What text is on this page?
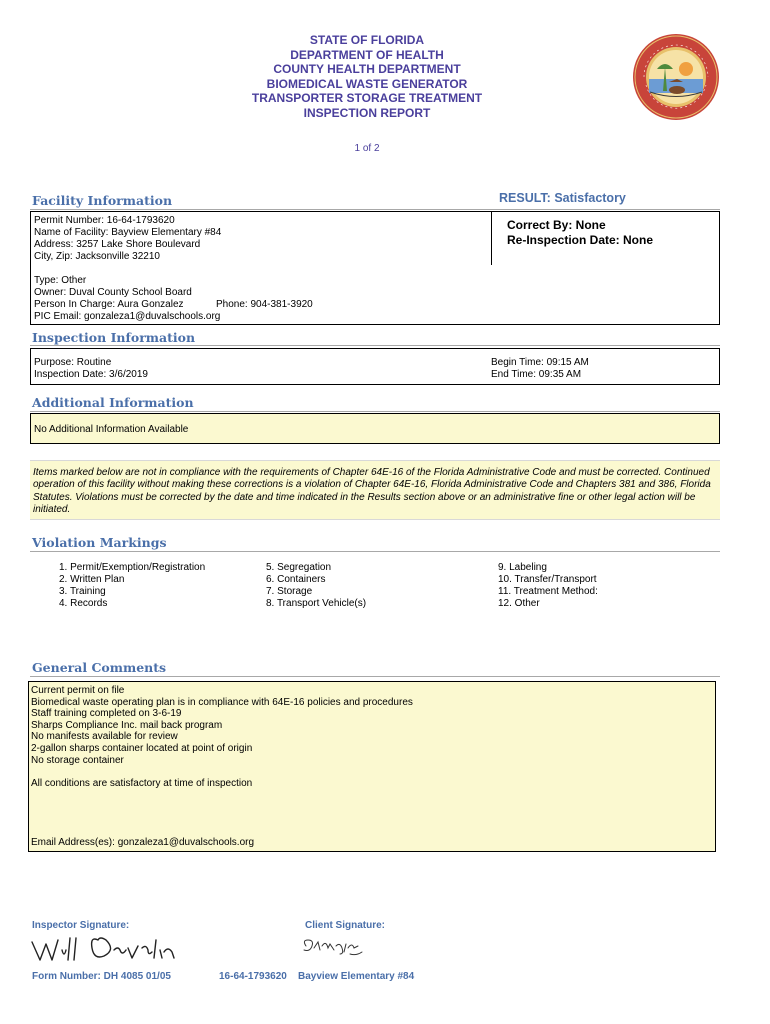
STATE OF FLORIDA
DEPARTMENT OF HEALTH
COUNTY HEALTH DEPARTMENT
BIOMEDICAL WASTE GENERATOR
TRANSPORTER STORAGE TREATMENT
INSPECTION REPORT
1 of 2
Facility Information	RESULT: Satisfactory
Permit Number: 16-64-1793620
Name of Facility: Bayview Elementary #84
Address: 3257 Lake Shore Boulevard
City, Zip: Jacksonville 32210
Type: Other
Owner: Duval County School Board
Person In Charge: Aura Gonzalez	Phone: 904-381-3920
PIC Email: gonzaleza1@duvalschools.org
Correct By: None
Re-Inspection Date: None
Inspection Information
Purpose: Routine
Inspection Date: 3/6/2019
Begin Time: 09:15 AM
End Time: 09:35 AM
Additional Information
No Additional Information Available
Items marked below are not in compliance with the requirements of Chapter 64E-16 of the Florida Administrative Code and must be corrected. Continued operation of this facility without making these corrections is a violation of Chapter 64E-16, Florida Administrative Code and Chapters 381 and 386, Florida Statutes. Violations must be corrected by the date and time indicated in the Results section above or an administrative fine or other legal action will be initiated.
Violation Markings
1. Permit/Exemption/Registration
2. Written Plan
3. Training
4. Records
5. Segregation
6. Containers
7. Storage
8. Transport Vehicle(s)
9. Labeling
10. Transfer/Transport
11. Treatment Method:
12. Other
General Comments
Current permit on file
Biomedical waste operating plan is in compliance with 64E-16 policies and procedures
Staff training completed on 3-6-19
Sharps Compliance Inc. mail back program
No manifests available for review
2-gallon sharps container located at point of origin
No storage container
All conditions are satisfactory at time of inspection
Email Address(es): gonzaleza1@duvalschools.org
Inspector Signature:	Client Signature:
Form Number: DH 4085 01/05	16-64-1793620 Bayview Elementary #84
